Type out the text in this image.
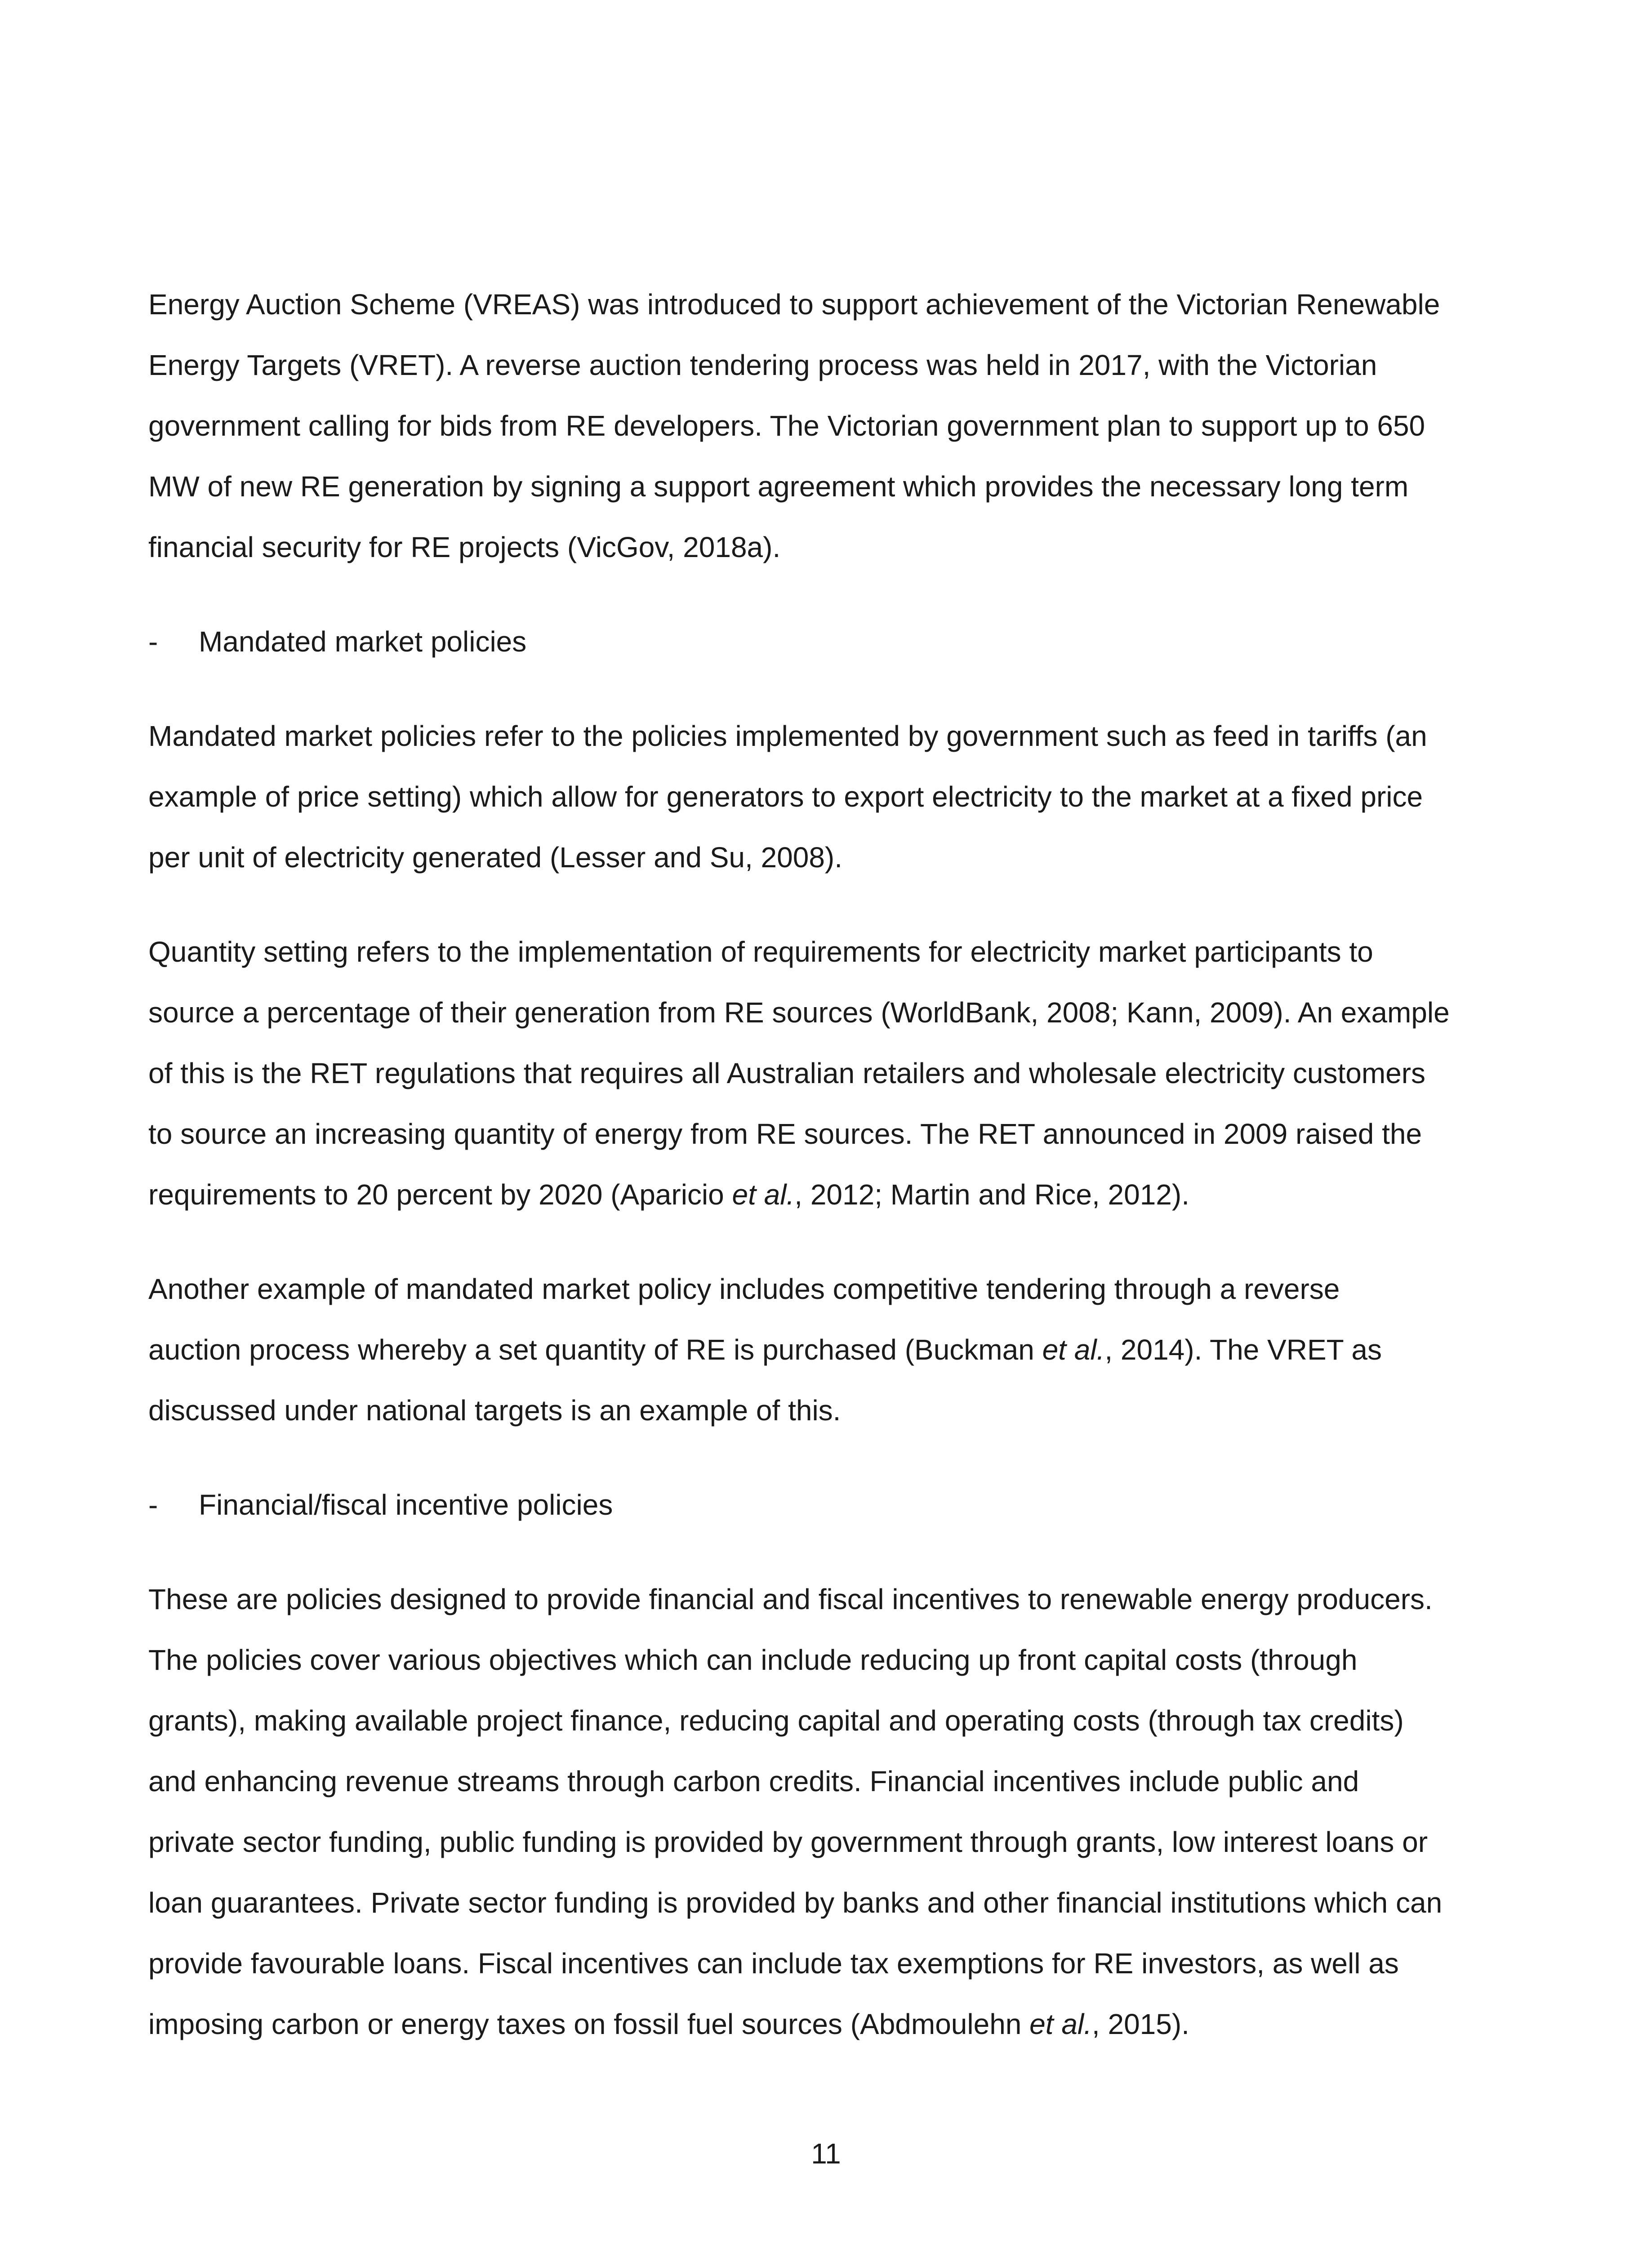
Energy Auction Scheme (VREAS) was introduced to support achievement of the Victorian Renewable
Energy Targets (VRET). A reverse auction tendering process was held in 2017, with the Victorian
government calling for bids from RE developers. The Victorian government plan to support up to 650
MW of new RE generation by signing a support agreement which provides the necessary long term
financial security for RE projects (VicGov, 2018a).

- Mandated market policies

Mandated market policies refer to the policies implemented by government such as feed in tariffs (an
example of price setting) which allow for generators to export electricity to the market at a fixed price
per unit of electricity generated (Lesser and Su, 2008).

Quantity setting refers to the implementation of requirements for electricity market participants to
source a percentage of their generation from RE sources (WorldBank, 2008; Kann, 2009). An example
of this is the RET regulations that requires all Australian retailers and wholesale electricity customers
to source an increasing quantity of energy from RE sources. The RET announced in 2009 raised the
requirements to 20 percent by 2020 (Aparicio et al., 2012; Martin and Rice, 2012).

Another example of mandated market policy includes competitive tendering through a reverse
auction process whereby a set quantity of RE is purchased (Buckman et al., 2014). The VRET as
discussed under national targets is an example of this.

- Financial/fiscal incentive policies

These are policies designed to provide financial and fiscal incentives to renewable energy producers.
The policies cover various objectives which can include reducing up front capital costs (through
grants), making available project finance, reducing capital and operating costs (through tax credits)
and enhancing revenue streams through carbon credits. Financial incentives include public and
private sector funding, public funding is provided by government through grants, low interest loans or
loan guarantees. Private sector funding is provided by banks and other financial institutions which can
provide favourable loans. Fiscal incentives can include tax exemptions for RE investors, as well as
imposing carbon or energy taxes on fossil fuel sources (Abdmoulehn et al., 2015).

11
